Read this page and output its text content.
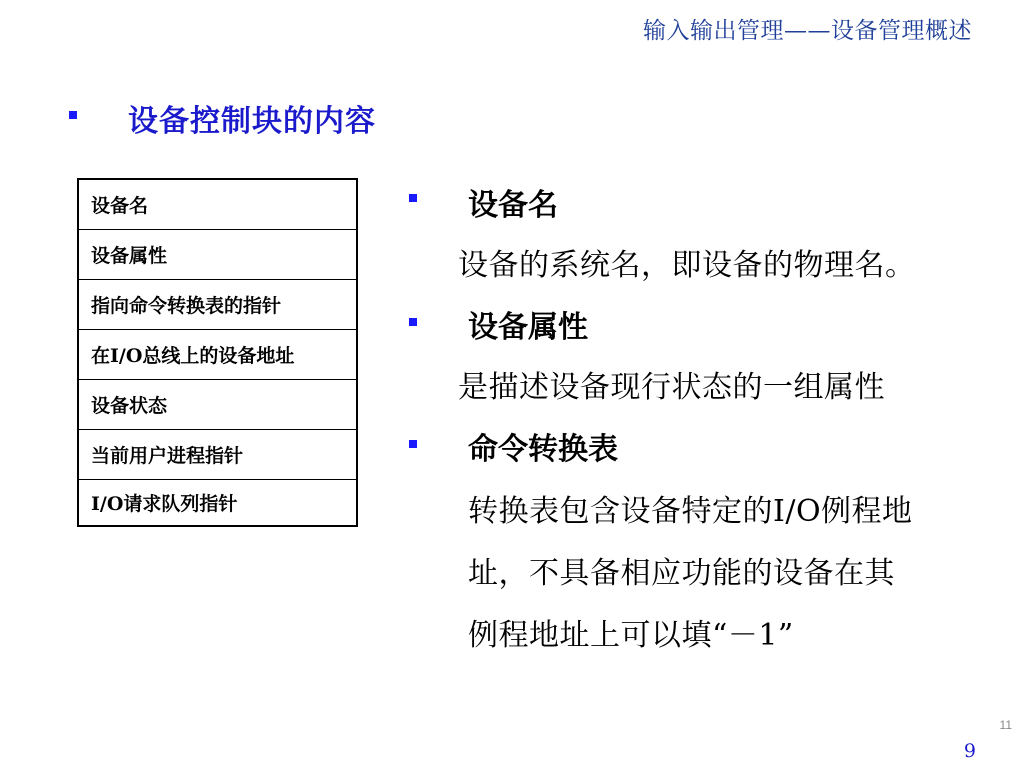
输入输出管理——设备管理概述
设备控制块的内容
设备名
设备属性
指向命令转换表的指针
在I/O总线上的设备地址
设备状态
当前用户进程指针
I/O请求队列指针
设备名
设备的系统名，即设备的物理名。
设备属性
是描述设备现行状态的一组属性
命令转换表
转换表包含设备特定的I/O例程地
址，不具备相应功能的设备在其
例程地址上可以填“－1”
11
9
